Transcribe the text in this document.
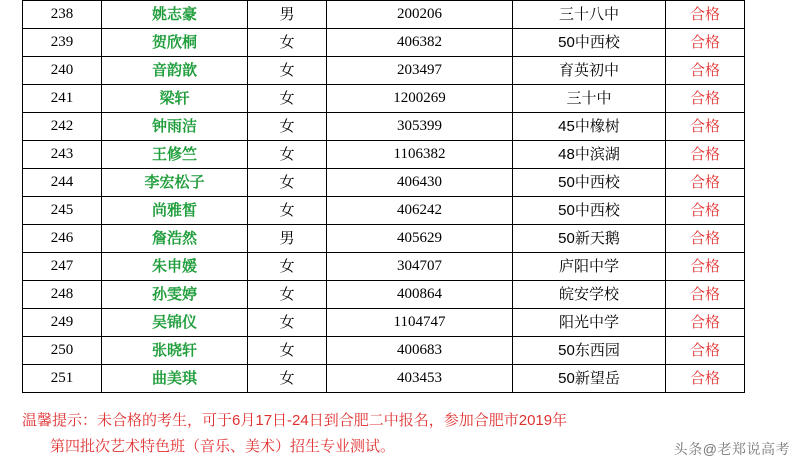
238	姚志豪	男	200206	三十八中	合格
239	贺欣桐	女	406382	50中西校	合格
240	音韵歆	女	203497	育英初中	合格
241	梁轩	女	1200269	三十中	合格
242	钟雨洁	女	305399	45中橡树	合格
243	王修竺	女	1106382	48中滨湖	合格
244	李宏松子	女	406430	50中西校	合格
245	尚雅皙	女	406242	50中西校	合格
246	詹浩然	男	405629	50新天鹅	合格
247	朱申媛	女	304707	庐阳中学	合格
248	孙雯婷	女	400864	皖安学校	合格
249	吴锦仪	女	1104747	阳光中学	合格
250	张晓轩	女	400683	50东西园	合格
251	曲美琪	女	403453	50新望岳	合格
温馨提示：未合格的考生，可于6月17日-24日到合肥二中报名，参加合肥市2019年
第四批次艺术特色班（音乐、美术）招生专业测试。	头条@老郑说高考
